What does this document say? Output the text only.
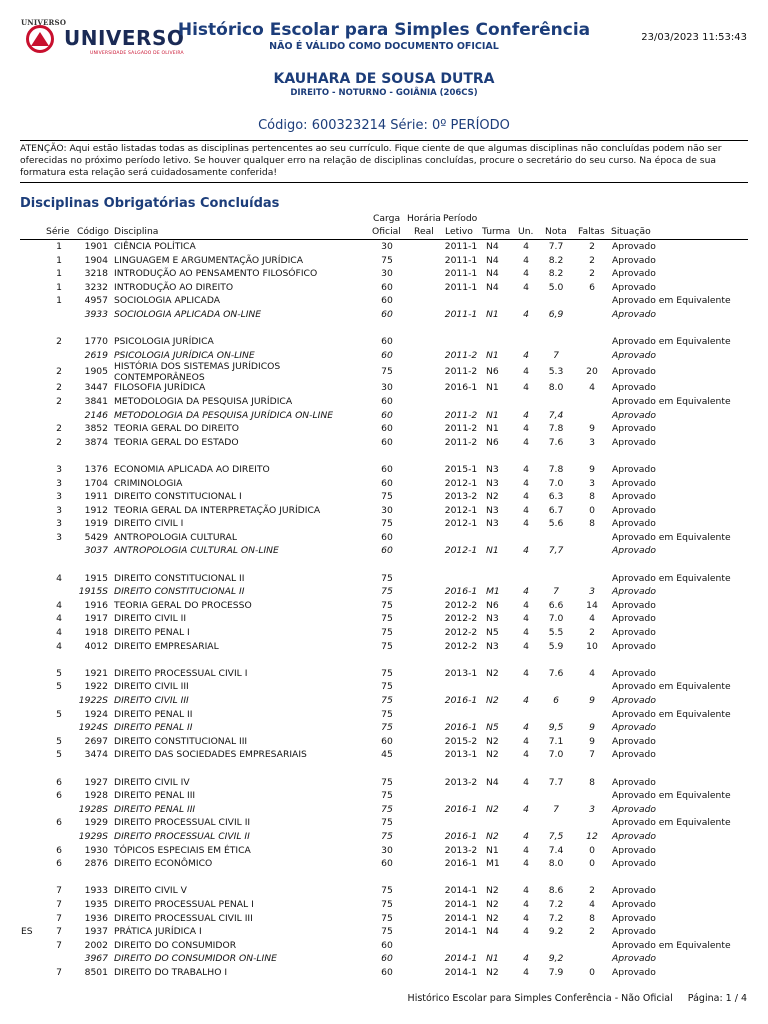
UNIVERSO
UNIVERSO
UNIVERSIDADE SALGADO DE OLIVEIRA
Histórico Escolar para Simples Conferência
NÃO É VÁLIDO COMO DOCUMENTO OFICIAL
23/03/2023 11:53:43
KAUHARA DE SOUSA DUTRA
DIREITO - NOTURNO - GOIÂNIA (206CS)
Código: 600323214 Série: 0º PERÍODO
ATENÇÃO: Aqui estão listadas todas as disciplinas pertencentes ao seu currículo. Fique ciente de que algumas disciplinas não concluídas podem não ser oferecidas no próximo período letivo. Se houver qualquer erro na relação de disciplinas concluídas, procure o secretário do seu curso. Na época de sua formatura esta relação será cuidadosamente conferida!
Disciplinas Obrigatórias Concluídas
Carga Horária Período
Série Código Disciplina	Oficial Real Letivo Turma Un. Nota Faltas Situação
1	1901 CIÊNCIA POLÍTICA	30	2011-1 N4	4	7.7	2	Aprovado
1	1904 LINGUAGEM E ARGUMENTAÇÃO JURÍDICA	75	2011-1 N4	4	8.2	2	Aprovado
1	3218 INTRODUÇÃO AO PENSAMENTO FILOSÓFICO	30	2011-1 N4	4	8.2	2	Aprovado
1	3232 INTRODUÇÃO AO DIREITO	60	2011-1 N4	4	5.0	6	Aprovado
1	4957 SOCIOLOGIA APLICADA	60	Aprovado em Equivalente
3933 SOCIOLOGIA APLICADA ON-LINE	60	2011-1 N1	4	6,9	Aprovado
2	1770 PSICOLOGIA JURÍDICA	60	Aprovado em Equivalente
2619 PSICOLOGIA JURÍDICA ON-LINE	60	2011-2 N1	4	7	Aprovado
2	1905 HISTÓRIA DOS SISTEMAS JURÍDICOS CONTEMPORÂNEOS
75	2011-2 N6	4	5.3	20	Aprovado
2	3447 FILOSOFIA JURÍDICA	30	2016-1 N1	4	8.0	4	Aprovado
2	3841 METODOLOGIA DA PESQUISA JURÍDICA	60	Aprovado em Equivalente
2146 METODOLOGIA DA PESQUISA JURÍDICA ON-LINE	60	2011-2 N1	4	7,4	Aprovado
2	3852 TEORIA GERAL DO DIREITO	60	2011-2 N1	4	7.8	9	Aprovado
2	3874 TEORIA GERAL DO ESTADO	60	2011-2 N6	4	7.6	3	Aprovado
3	1376 ECONOMIA APLICADA AO DIREITO	60	2015-1 N3	4	7.8	9	Aprovado
3	1704 CRIMINOLOGIA	60	2012-1 N3	4	7.0	3	Aprovado
3	1911 DIREITO CONSTITUCIONAL I	75	2013-2 N2	4	6.3	8	Aprovado
3	1912 TEORIA GERAL DA INTERPRETAÇÃO JURÍDICA	30	2012-1 N3	4	6.7	0	Aprovado
3	1919 DIREITO CIVIL I	75	2012-1 N3	4	5.6	8	Aprovado
3	5429 ANTROPOLOGIA CULTURAL	60	Aprovado em Equivalente
3037 ANTROPOLOGIA CULTURAL ON-LINE	60	2012-1 N1	4	7,7	Aprovado
4	1915 DIREITO CONSTITUCIONAL II	75	Aprovado em Equivalente
1915S DIREITO CONSTITUCIONAL II	75	2016-1 M1	4	7	3	Aprovado
4	1916 TEORIA GERAL DO PROCESSO	75	2012-2 N6	4	6.6	14	Aprovado
4	1917 DIREITO CIVIL II	75	2012-2 N3	4	7.0	4	Aprovado
4	1918 DIREITO PENAL I	75	2012-2 N5	4	5.5	2	Aprovado
4	4012 DIREITO EMPRESARIAL	75	2012-2 N3	4	5.9	10	Aprovado
5	1921 DIREITO PROCESSUAL CIVIL I	75	2013-1 N2	4	7.6	4	Aprovado
5	1922 DIREITO CIVIL III	75	Aprovado em Equivalente
1922S DIREITO CIVIL III	75	2016-1 N2	4	6	9	Aprovado
5	1924 DIREITO PENAL II	75	Aprovado em Equivalente
1924S DIREITO PENAL II	75	2016-1 N5	4	9,5	9	Aprovado
5	2697 DIREITO CONSTITUCIONAL III	60	2015-2 N2	4	7.1	9	Aprovado
5	3474 DIREITO DAS SOCIEDADES EMPRESARIAIS	45	2013-1 N2	4	7.0	7	Aprovado
6	1927 DIREITO CIVIL IV	75	2013-2 N4	4	7.7	8	Aprovado
6	1928 DIREITO PENAL III	75	Aprovado em Equivalente
1928S DIREITO PENAL III	75	2016-1 N2	4	7	3	Aprovado
6	1929 DIREITO PROCESSUAL CIVIL II	75	Aprovado em Equivalente
1929S DIREITO PROCESSUAL CIVIL II	75	2016-1 N2	4	7,5	12	Aprovado
6	1930 TÓPICOS ESPECIAIS EM ÉTICA	30	2013-2 N1	4	7.4	0	Aprovado
6	2876 DIREITO ECONÔMICO	60	2016-1 M1	4	8.0	0	Aprovado
7	1933 DIREITO CIVIL V	75	2014-1 N2	4	8.6	2	Aprovado
7	1935 DIREITO PROCESSUAL PENAL I	75	2014-1 N2	4	7.2	4	Aprovado
7	1936 DIREITO PROCESSUAL CIVIL III	75	2014-1 N2	4	7.2	8	Aprovado
ES	7	1937 PRÁTICA JURÍDICA I	75	2014-1 N4	4	9.2	2	Aprovado
7	2002 DIREITO DO CONSUMIDOR	60	Aprovado em Equivalente
3967 DIREITO DO CONSUMIDOR ON-LINE	60	2014-1 N1	4	9,2	Aprovado
7	8501 DIREITO DO TRABALHO I	60	2014-1 N2	4	7.9	0	Aprovado
Histórico Escolar para Simples Conferência - Não Oficial     Página: 1 / 4
